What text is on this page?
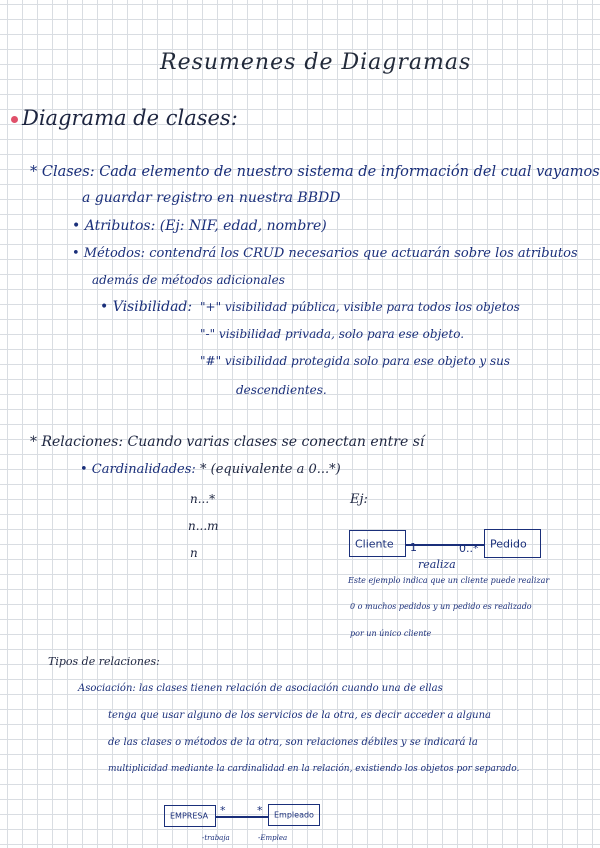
Resumenes de Diagramas
Diagrama de clases:
* Clases: Cada elemento de nuestro sistema de información del cual vayamos
a guardar registro en nuestra BBDD
• Atributos: (Ej: NIF, edad, nombre)
• Métodos: contendrá los CRUD necesarios que actuarán sobre los atributos
además de métodos adicionales
• Visibilidad: "+" visibilidad pública, visible para todos los objetos
"-" visibilidad privada, solo para ese objeto.
"#" visibilidad protegida solo para ese objeto y sus
descendientes.
* Relaciones: Cuando varias clases se conectan entre sí
• Cardinalidades: * (equivalente a 0...*)
n...*
n...m
n
Ej:
Cliente	Pedido
1	0..*
realiza
Este ejemplo indica que un cliente puede realizar
0 o muchos pedidos y un pedido es realizado
por un único cliente
Tipos de relaciones:
Asociación: las clases tienen relación de asociación cuando una de ellas
tenga que usar alguno de los servicios de la otra, es decir acceder a alguna
de las clases o métodos de la otra, son relaciones débiles y se indicará la
multiplicidad mediante la cardinalidad en la relación, existiendo los objetos por separado.
EMPRESA	Empleado
*	*
-trabaja	-Emplea
